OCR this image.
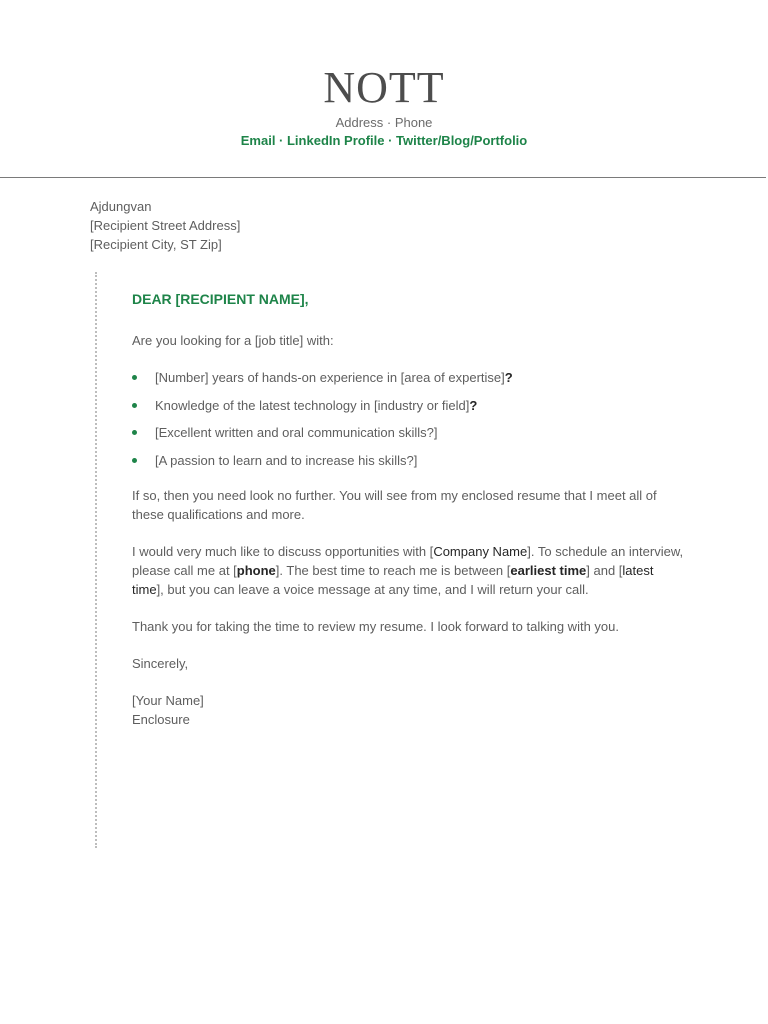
NOTT
Address · Phone
Email · LinkedIn Profile · Twitter/Blog/Portfolio
Ajdungvan
[Recipient Street Address]
[Recipient City, ST Zip]
DEAR [RECIPIENT NAME],

Are you looking for a [job title] with:

[Number] years of hands-on experience in [area of expertise]?
Knowledge of the latest technology in [industry or field]?
[Excellent written and oral communication skills?]
[A passion to learn and to increase his skills?]

If so, then you need look no further. You will see from my enclosed resume that I meet all of these qualifications and more.

I would very much like to discuss opportunities with [Company Name]. To schedule an interview, please call me at [phone]. The best time to reach me is between [earliest time] and [latest time], but you can leave a voice message at any time, and I will return your call.

Thank you for taking the time to review my resume. I look forward to talking with you.

Sincerely,

[Your Name]
Enclosure
